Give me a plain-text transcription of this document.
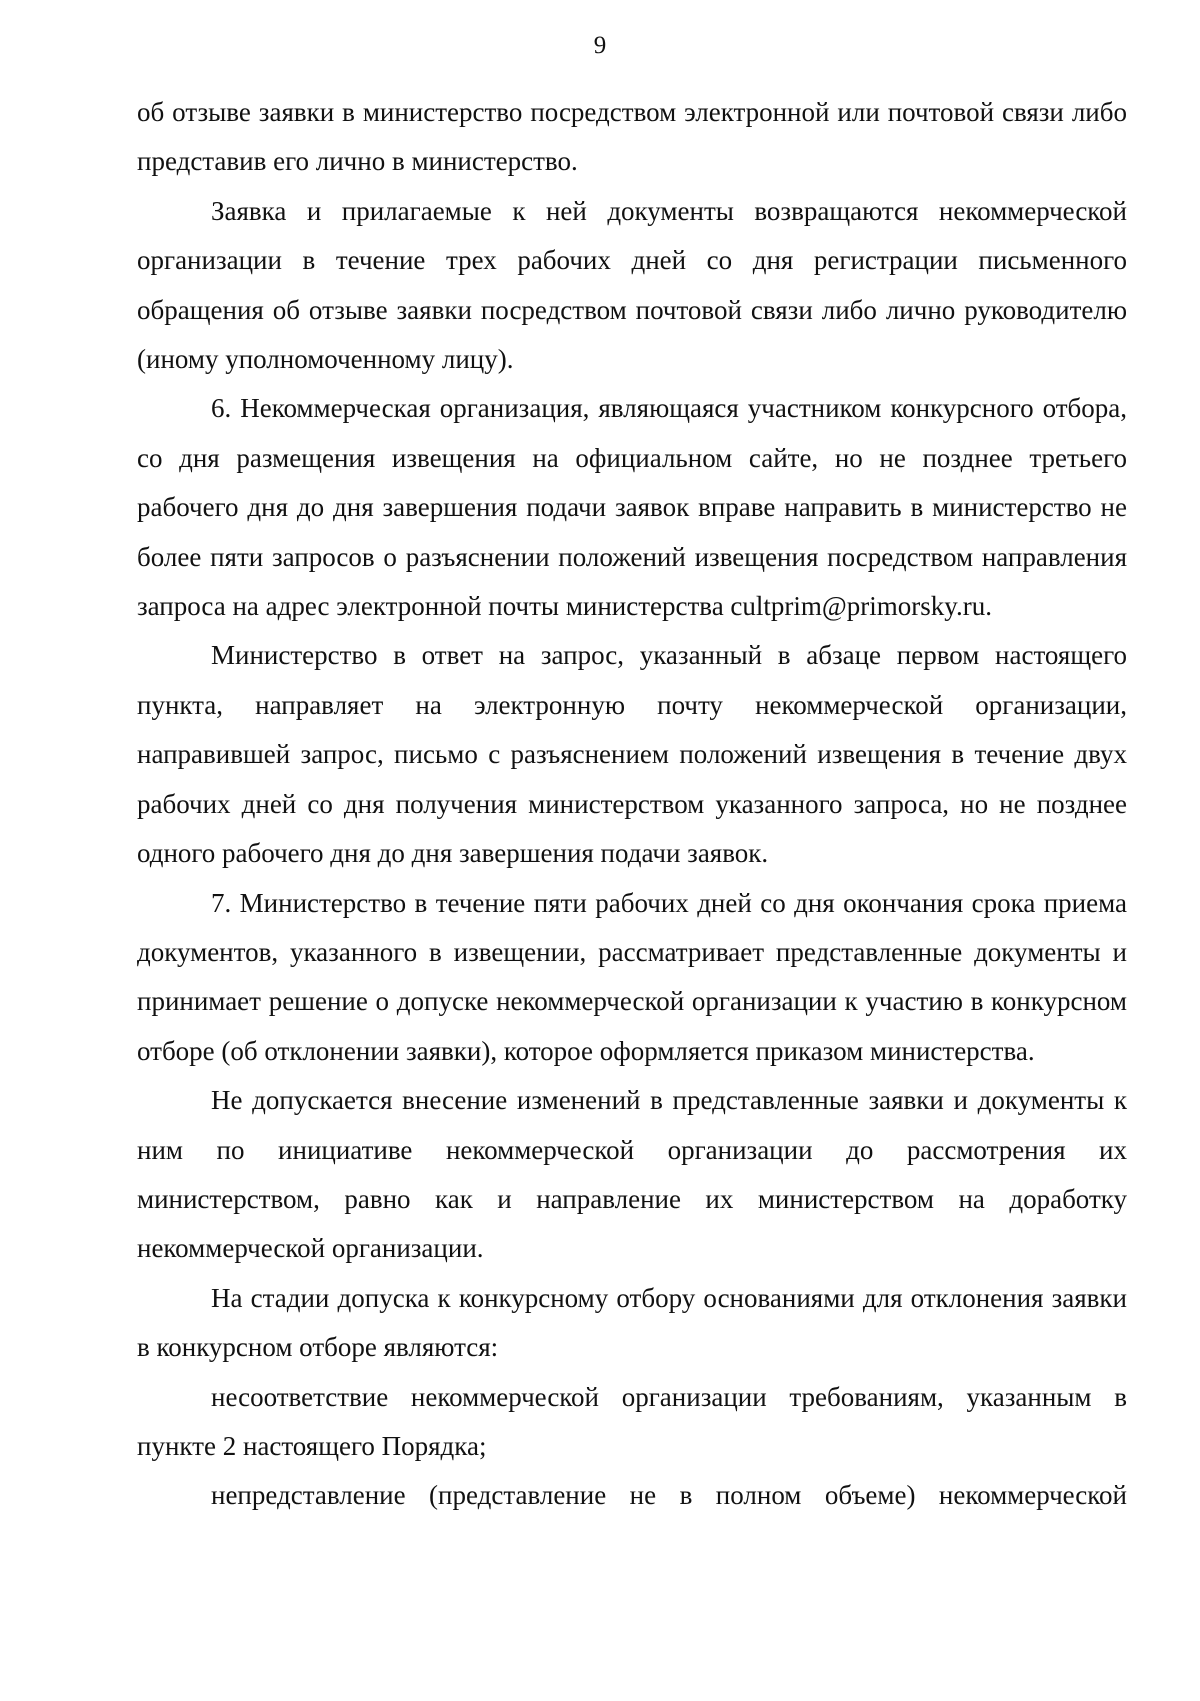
9

об отзыве заявки в министерство посредством электронной или почтовой связи либо представив его лично в министерство.

Заявка и прилагаемые к ней документы возвращаются некоммерческой организации в течение трех рабочих дней со дня регистрации письменного обращения об отзыве заявки посредством почтовой связи либо лично руководителю (иному уполномоченному лицу).

6. Некоммерческая организация, являющаяся участником конкурсного отбора, со дня размещения извещения на официальном сайте, но не позднее третьего рабочего дня до дня завершения подачи заявок вправе направить в министерство не более пяти запросов о разъяснении положений извещения посредством направления запроса на адрес электронной почты министерства cultprim@primorsky.ru.

Министерство в ответ на запрос, указанный в абзаце первом настоящего пункта, направляет на электронную почту некоммерческой организации, направившей запрос, письмо с разъяснением положений извещения в течение двух рабочих дней со дня получения министерством указанного запроса, но не позднее одного рабочего дня до дня завершения подачи заявок.

7. Министерство в течение пяти рабочих дней со дня окончания срока приема документов, указанного в извещении, рассматривает представленные документы и принимает решение о допуске некоммерческой организации к участию в конкурсном отборе (об отклонении заявки), которое оформляется приказом министерства.

Не допускается внесение изменений в представленные заявки и документы к ним по инициативе некоммерческой организации до рассмотрения их министерством, равно как и направление их министерством на доработку некоммерческой организации.

На стадии допуска к конкурсному отбору основаниями для отклонения заявки в конкурсном отборе являются:

несоответствие некоммерческой организации требованиям, указанным в пункте 2 настоящего Порядка;

непредставление (представление не в полном объеме) некоммерческой
